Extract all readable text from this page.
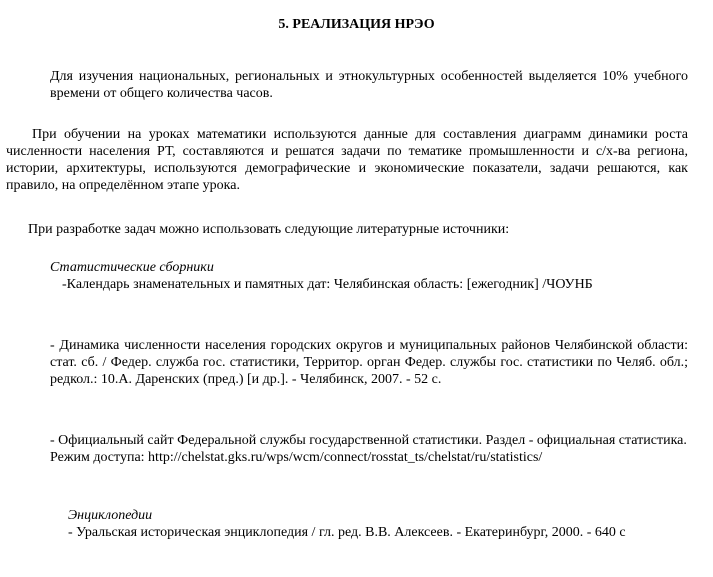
5. РЕАЛИЗАЦИЯ НРЭО
Для изучения национальных, региональных и этнокультурных особенностей выделяется 10% учебного времени от общего количества часов.
При обучении на уроках математики используются данные для составления диаграмм динамики роста численности населения РТ, составляются и решатся задачи по тематике промышленности и с/х-ва региона, истории, архитектуры, используются демографические и экономические показатели, задачи решаются, как правило, на определённом этапе урока.
При разработке задач можно использовать следующие литературные источники:
Статистические сборники
-Календарь знаменательных и памятных дат: Челябинская область: [ежегодник] /ЧОУНБ
- Динамика численности населения городских округов и муниципальных районов Челябинской области: стат. сб. / Федер. служба гос. статистики, Территор. орган Федер. службы гос. статистики по Челяб. обл.; редкол.: 10.А. Даренских (пред.) [и др.]. - Челябинск, 2007. - 52 с.
- Официальный сайт Федеральной службы государственной статистики. Раздел - официальная статистика. Режим доступа: http://chelstat.gks.ru/wps/wcm/connect/rosstat_ts/chelstat/ru/statistics/
Энциклопедии
- Уральская историческая энциклопедия / гл. ред. В.В. Алексеев. - Екатеринбург, 2000. - 640 с
